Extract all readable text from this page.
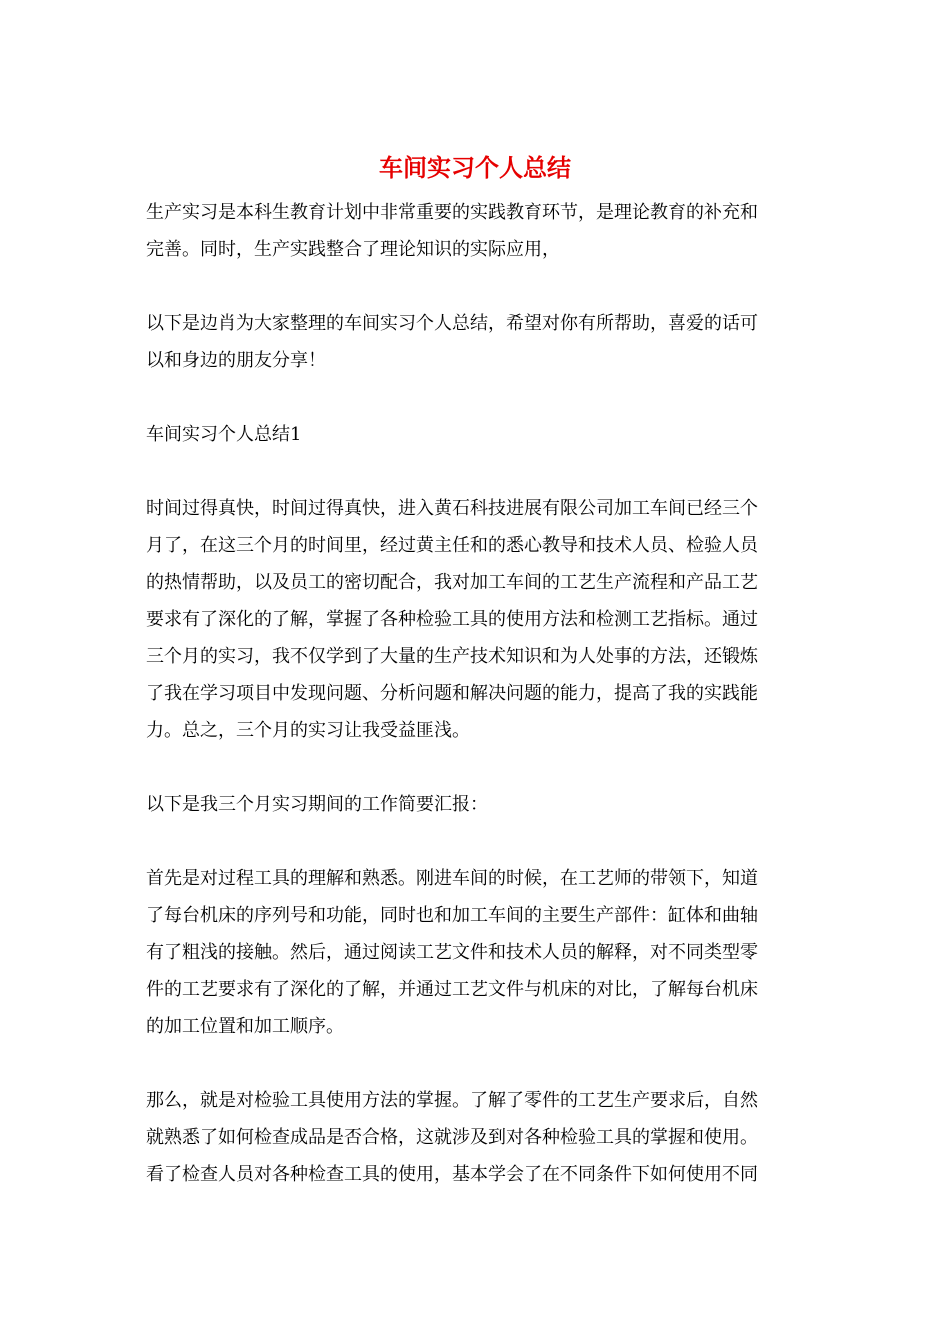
车间实习个人总结

生产实习是本科生教育计划中非常重要的实践教育环节，是理论教育的补充和
完善。同时，生产实践整合了理论知识的实际应用，

以下是边肖为大家整理的车间实习个人总结，希望对你有所帮助，喜爱的话可
以和身边的朋友分享！

车间实习个人总结1

时间过得真快，时间过得真快，进入黄石科技进展有限公司加工车间已经三个
月了，在这三个月的时间里，经过黄主任和的悉心教导和技术人员、检验人员
的热情帮助，以及员工的密切配合，我对加工车间的工艺生产流程和产品工艺
要求有了深化的了解，掌握了各种检验工具的使用方法和检测工艺指标。通过
三个月的实习，我不仅学到了大量的生产技术知识和为人处事的方法，还锻炼
了我在学习项目中发现问题、分析问题和解决问题的能力，提高了我的实践能
力。总之，三个月的实习让我受益匪浅。

以下是我三个月实习期间的工作简要汇报：

首先是对过程工具的理解和熟悉。刚进车间的时候，在工艺师的带领下，知道
了每台机床的序列号和功能，同时也和加工车间的主要生产部件：缸体和曲轴
有了粗浅的接触。然后，通过阅读工艺文件和技术人员的解释，对不同类型零
件的工艺要求有了深化的了解，并通过工艺文件与机床的对比，了解每台机床
的加工位置和加工顺序。

那么，就是对检验工具使用方法的掌握。了解了零件的工艺生产要求后，自然
就熟悉了如何检查成品是否合格，这就涉及到对各种检验工具的掌握和使用。
看了检查人员对各种检查工具的使用，基本学会了在不同条件下如何使用不同
